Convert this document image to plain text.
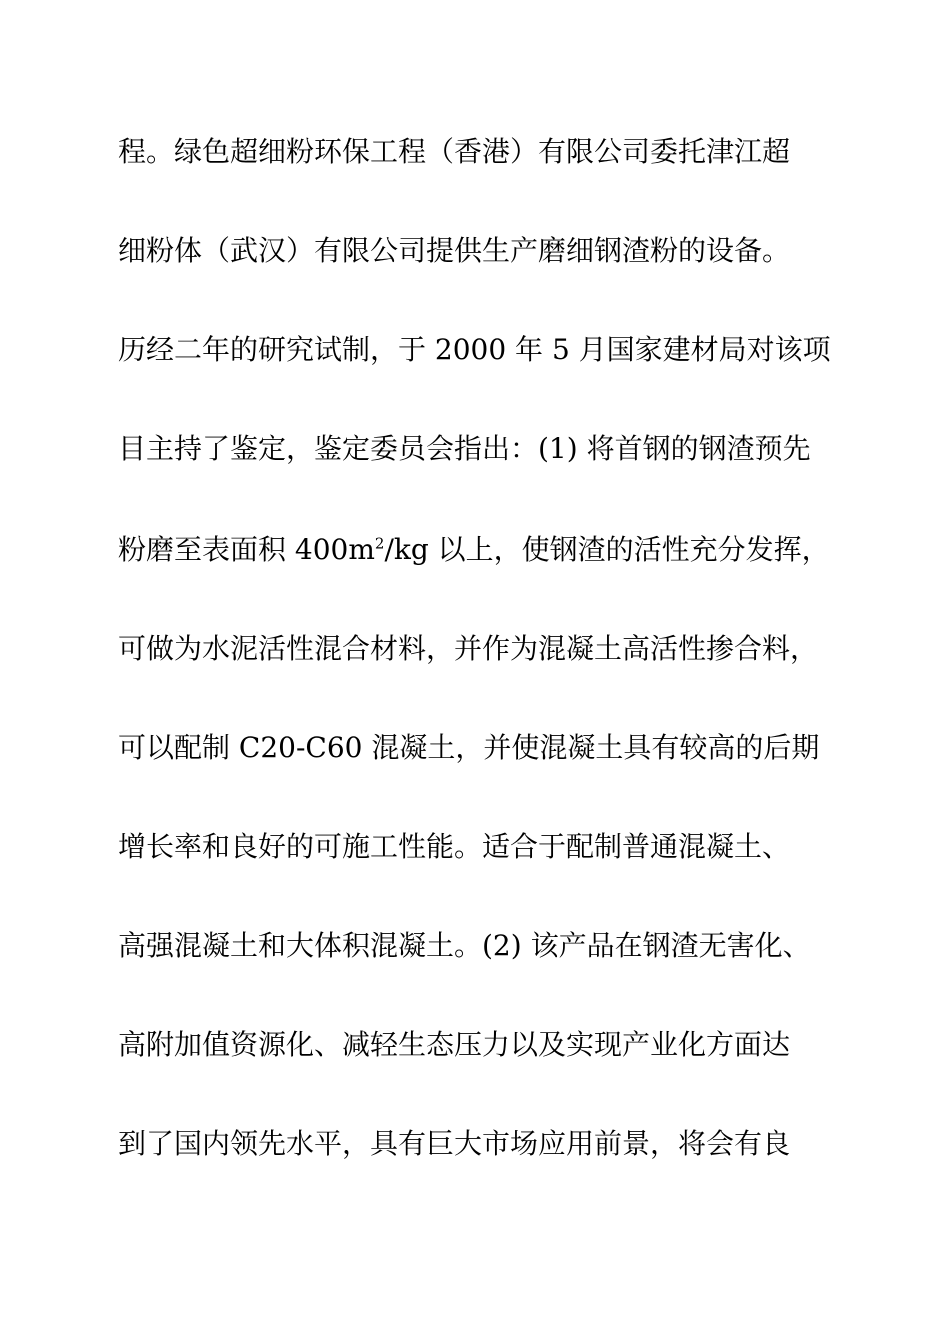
程。绿色超细粉环保工程（香港）有限公司委托津江超
细粉体（武汉）有限公司提供生产磨细钢渣粉的设备。
历经二年的研究试制，于 2000 年 5 月国家建材局对该项
目主持了鉴定，鉴定委员会指出：(1) 将首钢的钢渣预先
粉磨至表面积 $400m^2/kg$ 以上，使钢渣的活性充分发挥，
可做为水泥活性混合材料，并作为混凝土高活性掺合料，
可以配制 C20-C60 混凝土，并使混凝土具有较高的后期
增长率和良好的可施工性能。适合于配制普通混凝土、
高强混凝土和大体积混凝土。(2) 该产品在钢渣无害化、
高附加值资源化、减轻生态压力以及实现产业化方面达
到了国内领先水平，具有巨大市场应用前景，将会有良
